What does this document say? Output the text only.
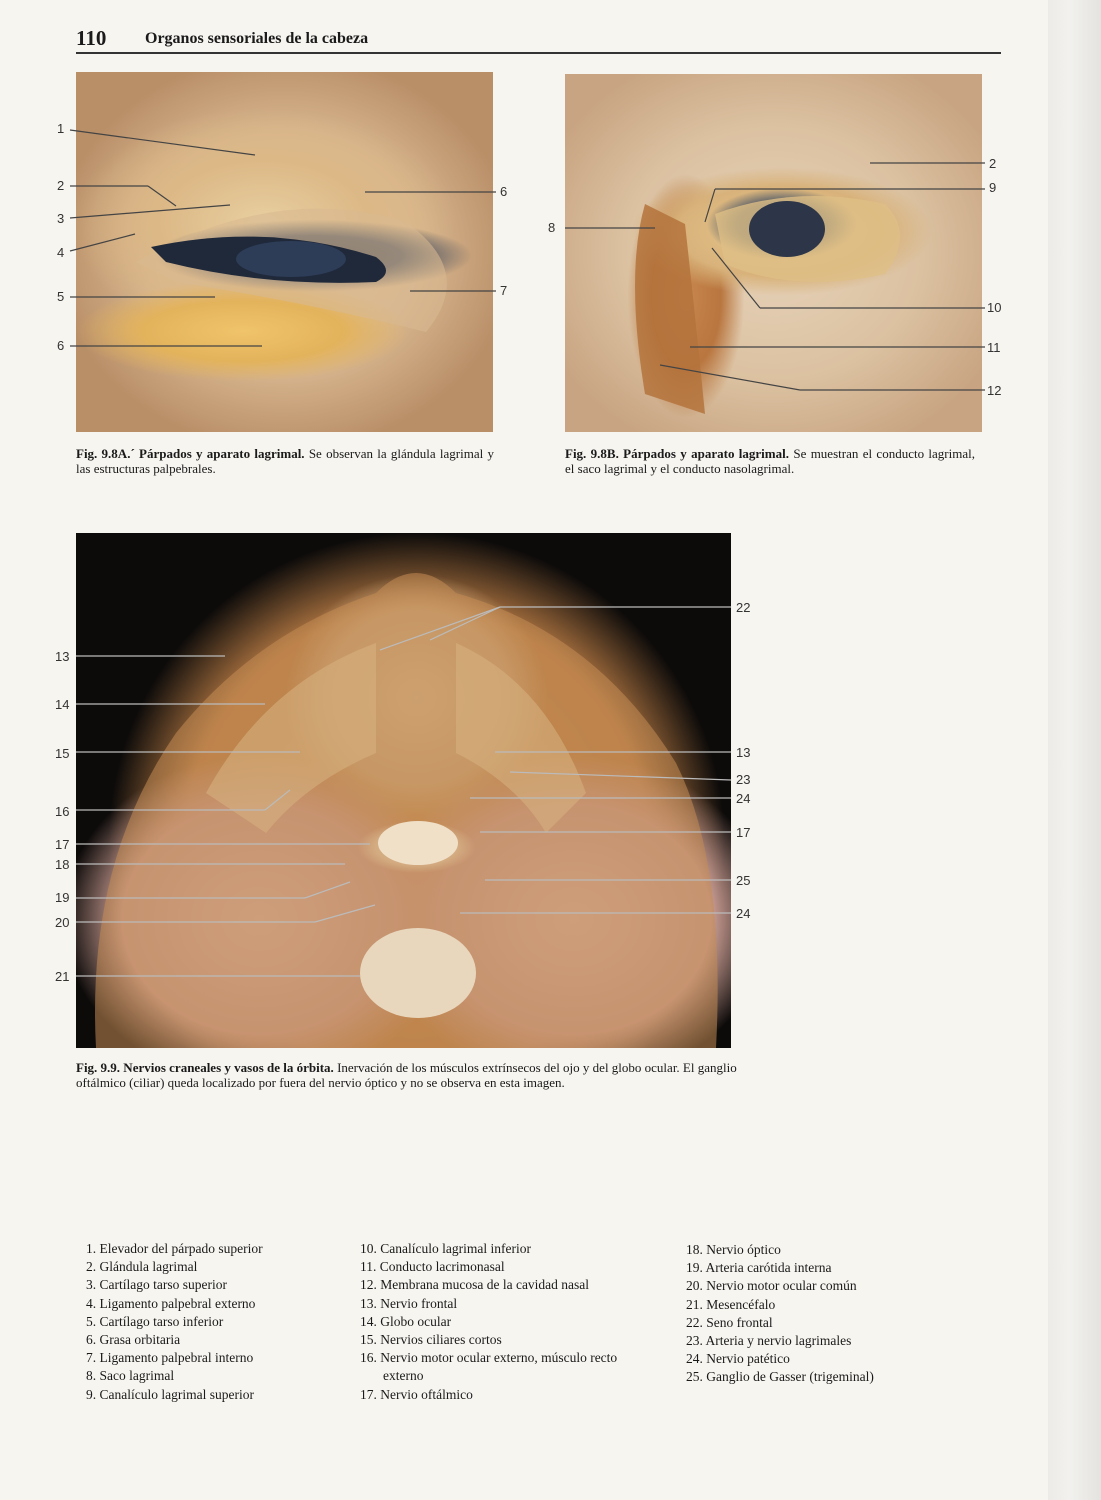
110 Organos sensoriales de la cabeza
1
2
3
4
5
6
6
7
Fig. 9.8A.´ Párpados y aparato lagrimal. Se observan la glándula lagrimal y las estructuras palpebrales.
2
9
8
10
11
12
Fig. 9.8B. Párpados y aparato lagrimal. Se muestran el conducto lagrimal, el saco lagrimal y el conducto nasolagrimal.
13
14
15
16
17
18
19
20
21
22
13
23
24
17
25
24
Fig. 9.9. Nervios craneales y vasos de la órbita. Inervación de los músculos extrínsecos del ojo y del globo ocular. El ganglio oftálmico (ciliar) queda localizado por fuera del nervio óptico y no se observa en esta imagen.
1. Elevador del párpado superior
2. Glándula lagrimal
3. Cartílago tarso superior
4. Ligamento palpebral externo
5. Cartílago tarso inferior
6. Grasa orbitaria
7. Ligamento palpebral interno
8. Saco lagrimal
9. Canalículo lagrimal superior
10. Canalículo lagrimal inferior
11. Conducto lacrimonasal
12. Membrana mucosa de la cavidad nasal
13. Nervio frontal
14. Globo ocular
15. Nervios ciliares cortos
16. Nervio motor ocular externo, músculo recto externo
17. Nervio oftálmico
18. Nervio óptico
19. Arteria carótida interna
20. Nervio motor ocular común
21. Mesencéfalo
22. Seno frontal
23. Arteria y nervio lagrimales
24. Nervio patético
25. Ganglio de Gasser (trigeminal)
